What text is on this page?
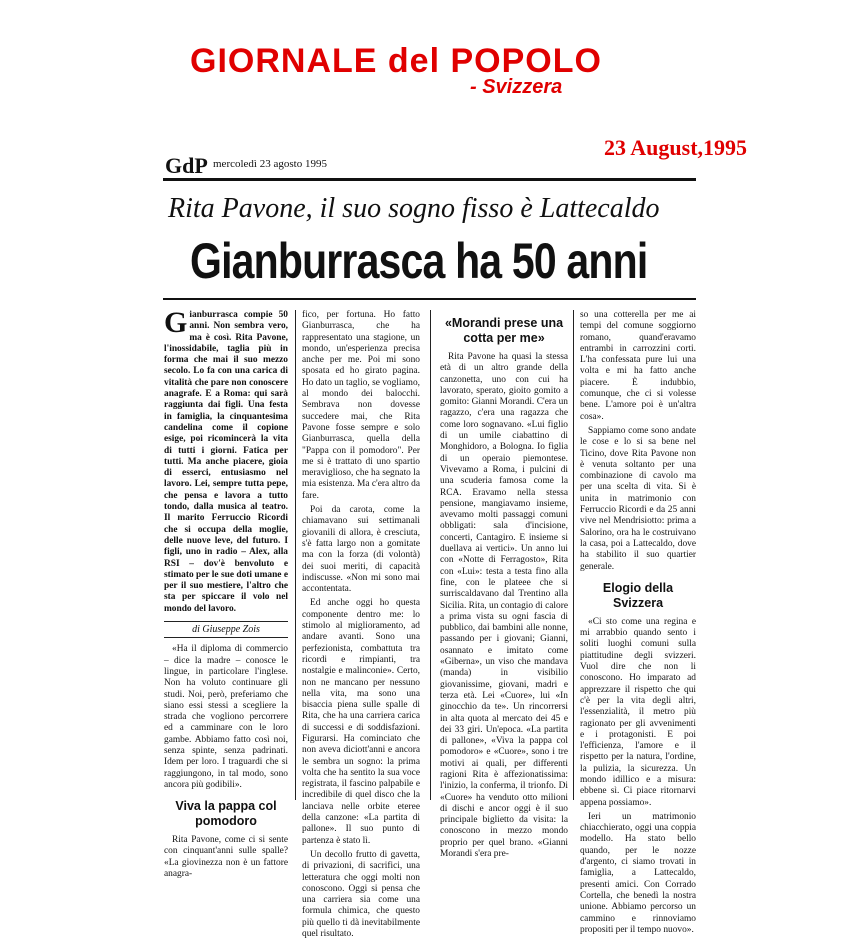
GIORNALE del POPOLO
- Svizzera
23 August,1995
GdP mercoledì 23 agosto 1995
Rita Pavone, il suo sogno fisso è Lattecaldo
Gianburrasca ha 50 anni

Gianburrasca compie 50 anni. Non sembra vero, ma è così. Rita Pavone, l'inossidabile, taglia più in forma che mai il suo mezzo secolo. Lo fa con una carica di vitalità che pare non conoscere anagrafe. E a Roma: qui sarà raggiunta dai figli. Una festa in famiglia, la cinquantesima candelina come il copione esige, poi ricomincerà la vita di tutti i giorni. Fatica per tutti. Ma anche piacere, gioia di esserci, entusiasmo nel lavoro. Lei, sempre tutta pepe, che pensa e lavora a tutto tondo, dalla musica al teatro. Il marito Ferruccio Ricordi che si occupa della moglie, delle nuove leve, del futuro. I figli, uno in radio – Alex, alla RSI – dov'è benvoluto e stimato per le sue doti umane e per il suo mestiere, l'altro che sta per spiccare il volo nel mondo del lavoro.

di Giuseppe Zois

«Ha il diploma di commercio – dice la madre – conosce le lingue, in particolare l'inglese. Non ha voluto continuare gli studi. Noi, però, preferiamo che siano essi stessi a scegliere la strada che vogliono percorrere ed a camminare con le loro gambe. Abbiamo fatto così noi, senza spinte, senza padrinati. Idem per loro. I traguardi che si raggiungono, in tal modo, sono ancora più godibili».

Viva la pappa col pomodoro

Rita Pavone, come ci si sente con cinquant'anni sulle spalle? «La giovinezza non è un fattore anagra-

fico, per fortuna. Ho fatto Gianburrasca, che ha rappresentato una stagione, un mondo, un'esperienza precisa anche per me. Poi mi sono sposata ed ho girato pagina. Ho dato un taglio, se vogliamo, al mondo dei balocchi. Sembrava non dovesse succedere mai, che Rita Pavone fosse sempre e solo Gianburrasca, quella della "Pappa con il pomodoro". Per me si è trattato di uno spartio meraviglioso, che ha segnato la mia esistenza. Ma c'era altro da fare.

Poi da carota, come la chiamavano sui settimanali giovanili di allora, è cresciuta, s'è fatta largo non a gomitate ma con la forza (di volontà) dei suoi meriti, di capacità indiscusse. «Non mi sono mai accontentata.

Ed anche oggi ho questa componente dentro me: lo stimolo al miglioramento, ad andare avanti. Sono una perfezionista, combattuta tra ricordi e rimpianti, tra nostalgie e malinconie». Certo, non ne mancano per nessuno nella vita, ma sono una bisaccia piena sulle spalle di Rita, che ha una carriera carica di successi e di soddisfazioni. Figurarsi. Ha cominciato che non aveva diciott'anni e ancora le sembra un sogno: la prima volta che ha sentito la sua voce registrata, il fascino palpabile e incredibile di quel disco che la lanciava nelle orbite eteree della canzone: «La partita di pallone». Il suo punto di partenza è stato lì.

Un decollo frutto di gavetta, di privazioni, di sacrifici, una letteratura che oggi molti non conoscono. Oggi si pensa che una carriera sia come una formula chimica, che questo più quello ti dà inevitabilmente quel risultato.

«Morandi prese una cotta per me»

Rita Pavone ha quasi la stessa età di un altro grande della canzonetta, uno con cui ha lavorato, sperato, gioito gomito a gomito: Gianni Morandi. C'era un ragazzo, c'era una ragazza che come loro sognavano. «Lui figlio di un umile ciabattino di Monghidoro, a Bologna. Io figlia di un operaio piemontese. Vivevamo a Roma, i pulcini di una scuderia famosa come la RCA. Eravamo nella stessa pensione, mangiavamo insieme, avevamo molti passaggi comuni obbligati: sala d'incisione, concerti, Cantagiro. E insieme si duellava ai vertici». Un anno lui con «Notte di Ferragosto», Rita con «Lui»: testa a testa fino alla fine, con le plateee che si surriscaldavano dal Trentino alla Sicilia. Rita, un contagio di calore a prima vista su ogni fascia di pubblico, dai bambini alle nonne, passando per i giovani; Gianni, osannato e imitato come «Giberna», un viso che mandava (manda) in visibilio giovanissime, giovani, madri e terza età. Lei «Cuore», lui «In ginocchio da te». Un rincorrersi in alta quota al mercato dei 45 e dei 33 giri. Un'epoca. «La partita di pallone», «Viva la pappa col pomodoro» e «Cuore», sono i tre motivi ai quali, per differenti ragioni Rita è affezionatissima: l'inizio, la conferma, il trionfo. Di «Cuore» ha venduto otto milioni di dischi e ancor oggi è il suo principale biglietto da visita: la conoscono in mezzo mondo proprio per quel brano. «Gianni Morandi s'era pre-

so una cotterella per me ai tempi del comune soggiorno romano, quand'eravamo entrambi in carrozzini corti. L'ha confessata pure lui una volta e mi ha fatto anche piacere. È indubbio, comunque, che ci si volesse bene. L'amore poi è un'altra cosa».

Sappiamo come sono andate le cose e lo si sa bene nel Ticino, dove Rita Pavone non è venuta soltanto per una combinazione di cavolo ma per una scelta di vita. Si è unita in matrimonio con Ferruccio Ricordi e da 25 anni vive nel Mendrisiotto: prima a Salorino, ora ha le costruivano la casa, poi a Lattecaldo, dove ha stabilito il suo quartier generale.

Elogio della Svizzera

«Ci sto come una regina e mi arrabbio quando sento i soliti luoghi comuni sulla piattitudine degli svizzeri. Vuol dire che non li conoscono. Ho imparato ad apprezzare il rispetto che qui c'è per la vita degli altri, l'essenzialità, il metro più ragionato per gli avvenimenti e i protagonisti. E poi l'efficienza, l'amore e il rispetto per la natura, l'ordine, la pulizia, la sicurezza. Un mondo idillico e a misura: ebbene sì. Ci piace ritornarvi appena possiamo».

Ieri un matrimonio chiacchierato, oggi una coppia modello. Ha stato bello quando, per le nozze d'argento, ci siamo trovati in famiglia, a Lattecaldo, presenti amici. Con Corrado Cortella, che benedì la nostra unione. Abbiamo percorso un cammino e rinnoviamo propositi per il tempo nuovo».
